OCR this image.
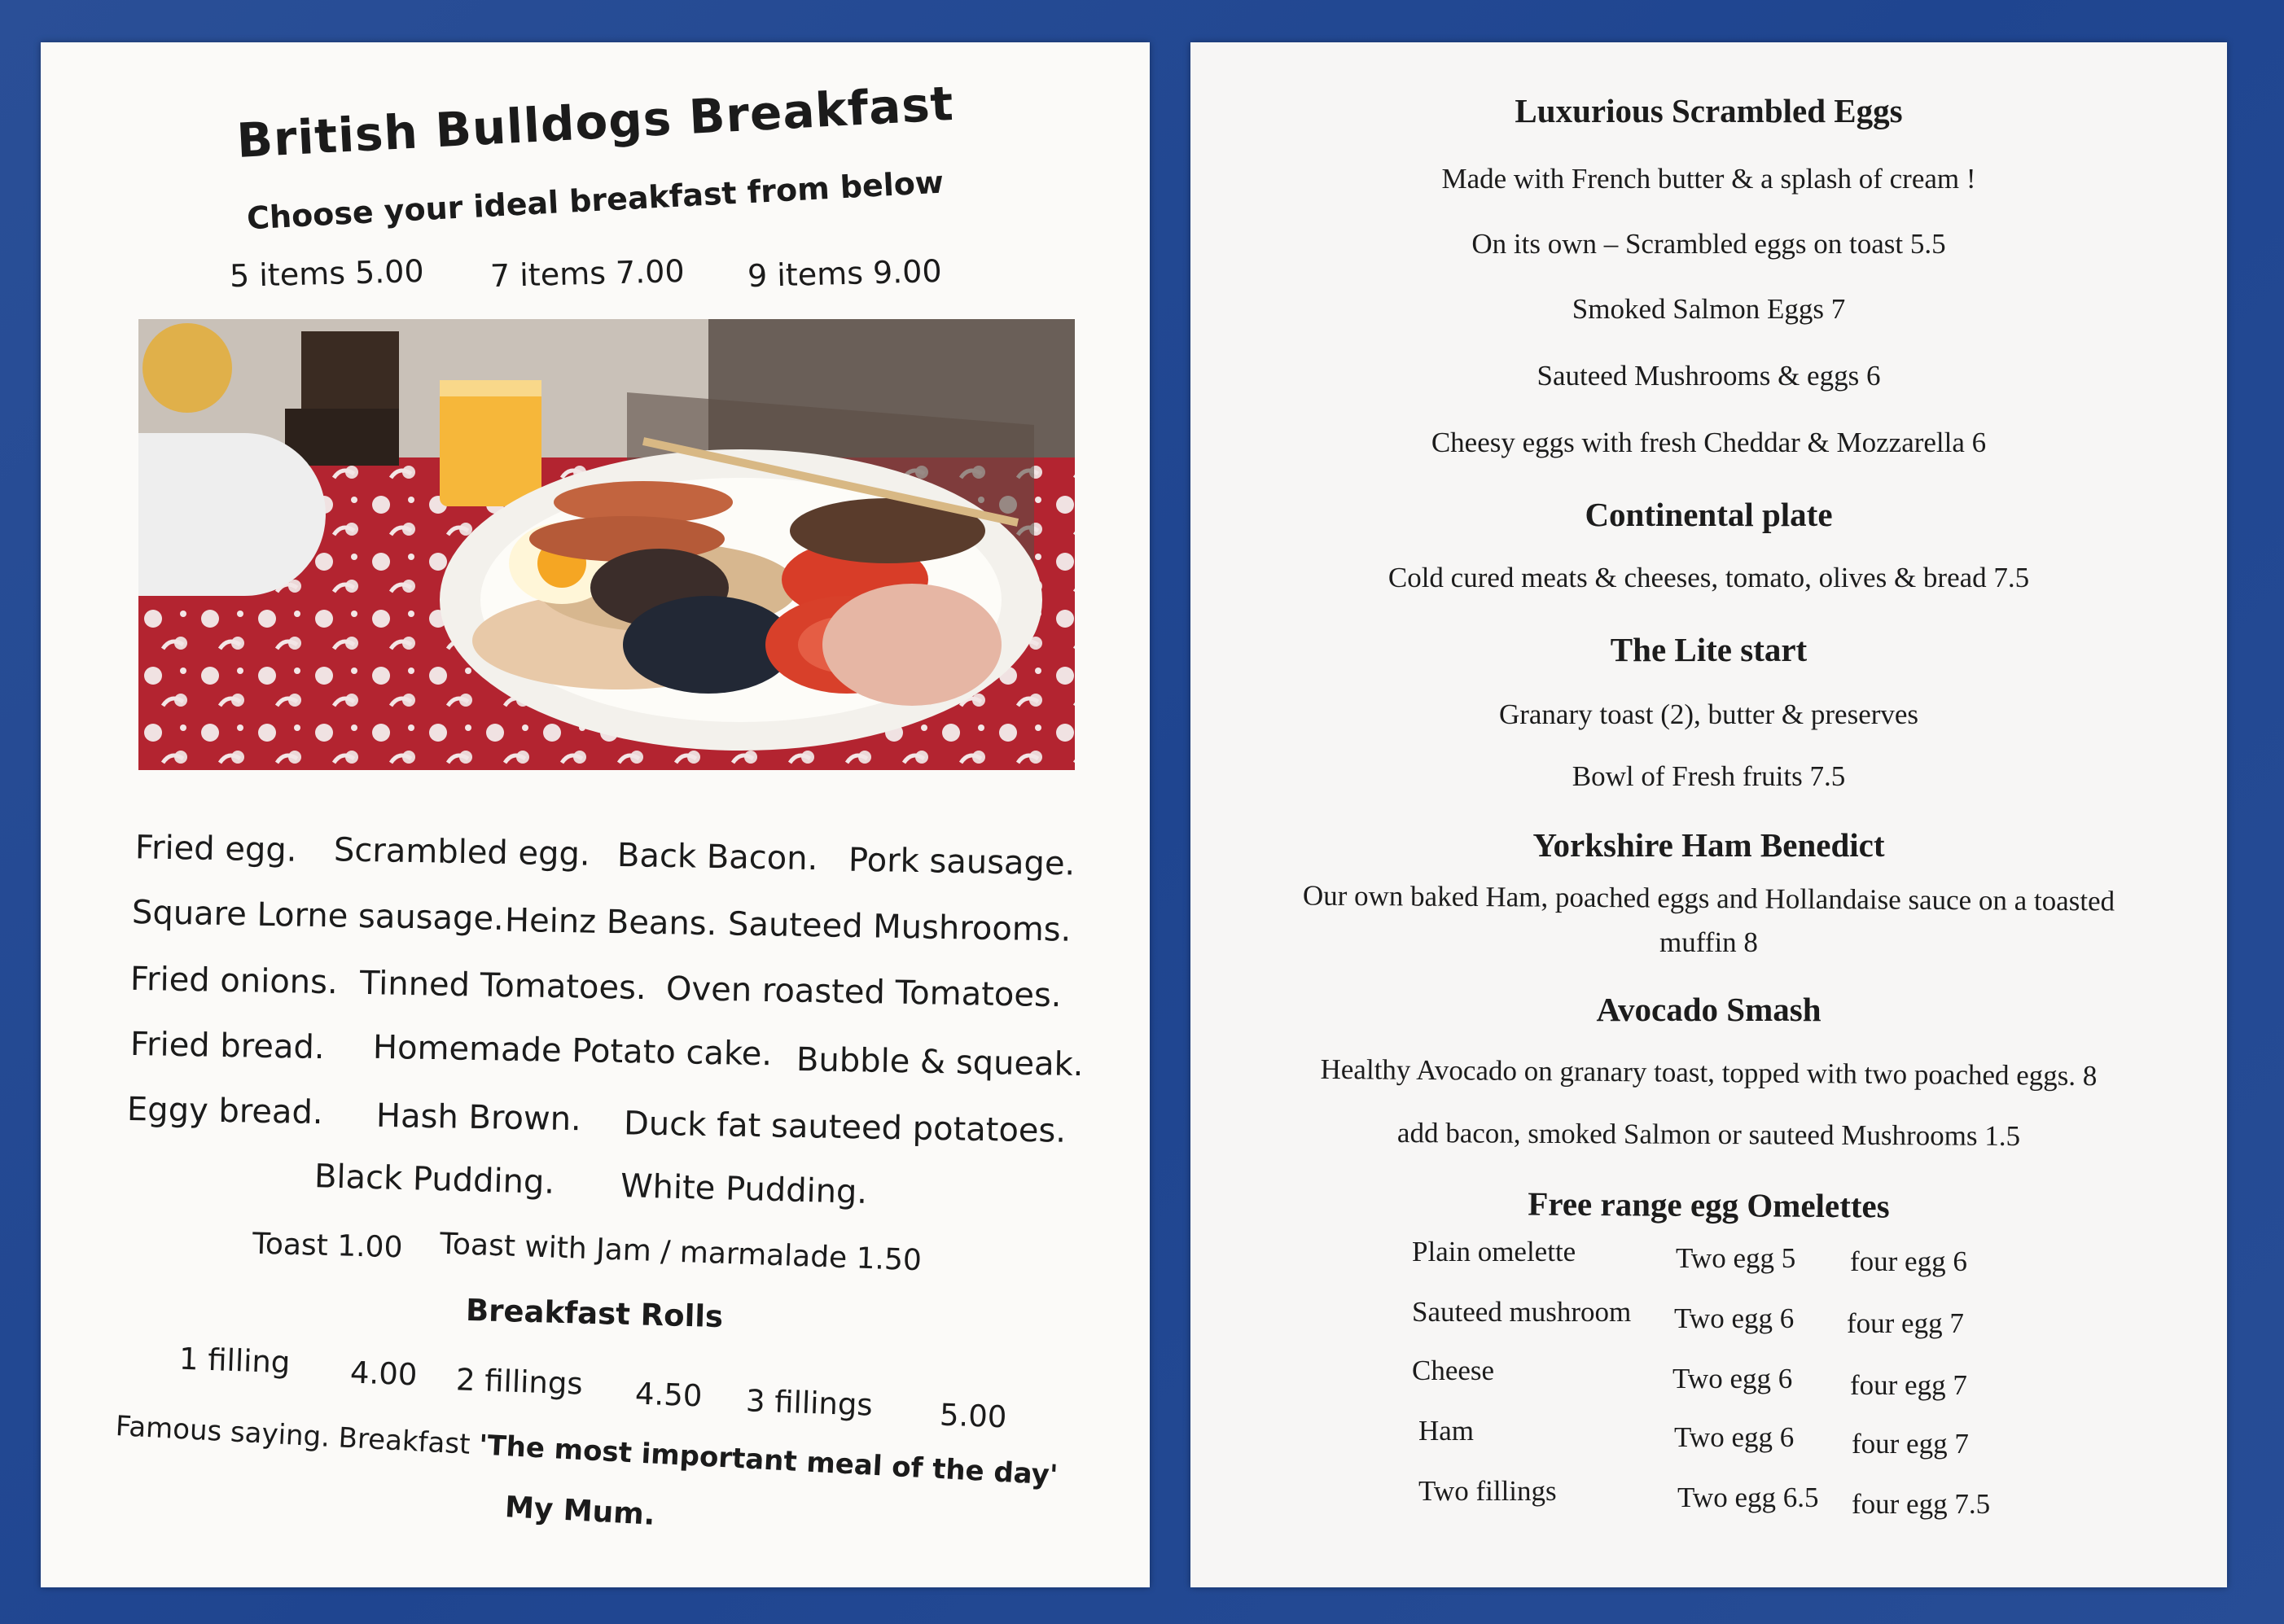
British Bulldogs Breakfast
Choose your ideal breakfast from below
5 items 5.00 7 items 7.00 9 items 9.00
Fried egg. Scrambled egg. Back Bacon. Pork sausage.
Square Lorne sausage. Heinz Beans. Sauteed Mushrooms.
Fried onions. Tinned Tomatoes. Oven roasted Tomatoes.
Fried bread. Homemade Potato cake. Bubble & squeak.
Eggy bread. Hash Brown. Duck fat sauteed potatoes.
Black Pudding. White Pudding.
Toast 1.00 Toast with Jam / marmalade 1.50
Breakfast Rolls
1 filling 4.00 2 fillings 4.50 3 fillings 5.00
Famous saying. Breakfast 'The most important meal of the day'
My Mum.
Luxurious Scrambled Eggs
Made with French butter & a splash of cream !
On its own – Scrambled eggs on toast 5.5
Smoked Salmon Eggs 7
Sauteed Mushrooms & eggs 6
Cheesy eggs with fresh Cheddar & Mozzarella 6
Continental plate
Cold cured meats & cheeses, tomato, olives & bread 7.5
The Lite start
Granary toast (2), butter & preserves
Bowl of Fresh fruits 7.5
Yorkshire Ham Benedict
Our own baked Ham, poached eggs and Hollandaise sauce on a toasted
muffin 8
Avocado Smash
Healthy Avocado on granary toast, topped with two poached eggs. 8
add bacon, smoked Salmon or sauteed Mushrooms 1.5
Free range egg Omelettes
Plain omelette	Two egg 5 four egg 6
Sauteed mushroom Two egg 6 four egg 7
Cheese	Two egg 6 four egg 7
Ham	Two egg 6 four egg 7
Two fillings	Two egg 6.5 four egg 7.5
